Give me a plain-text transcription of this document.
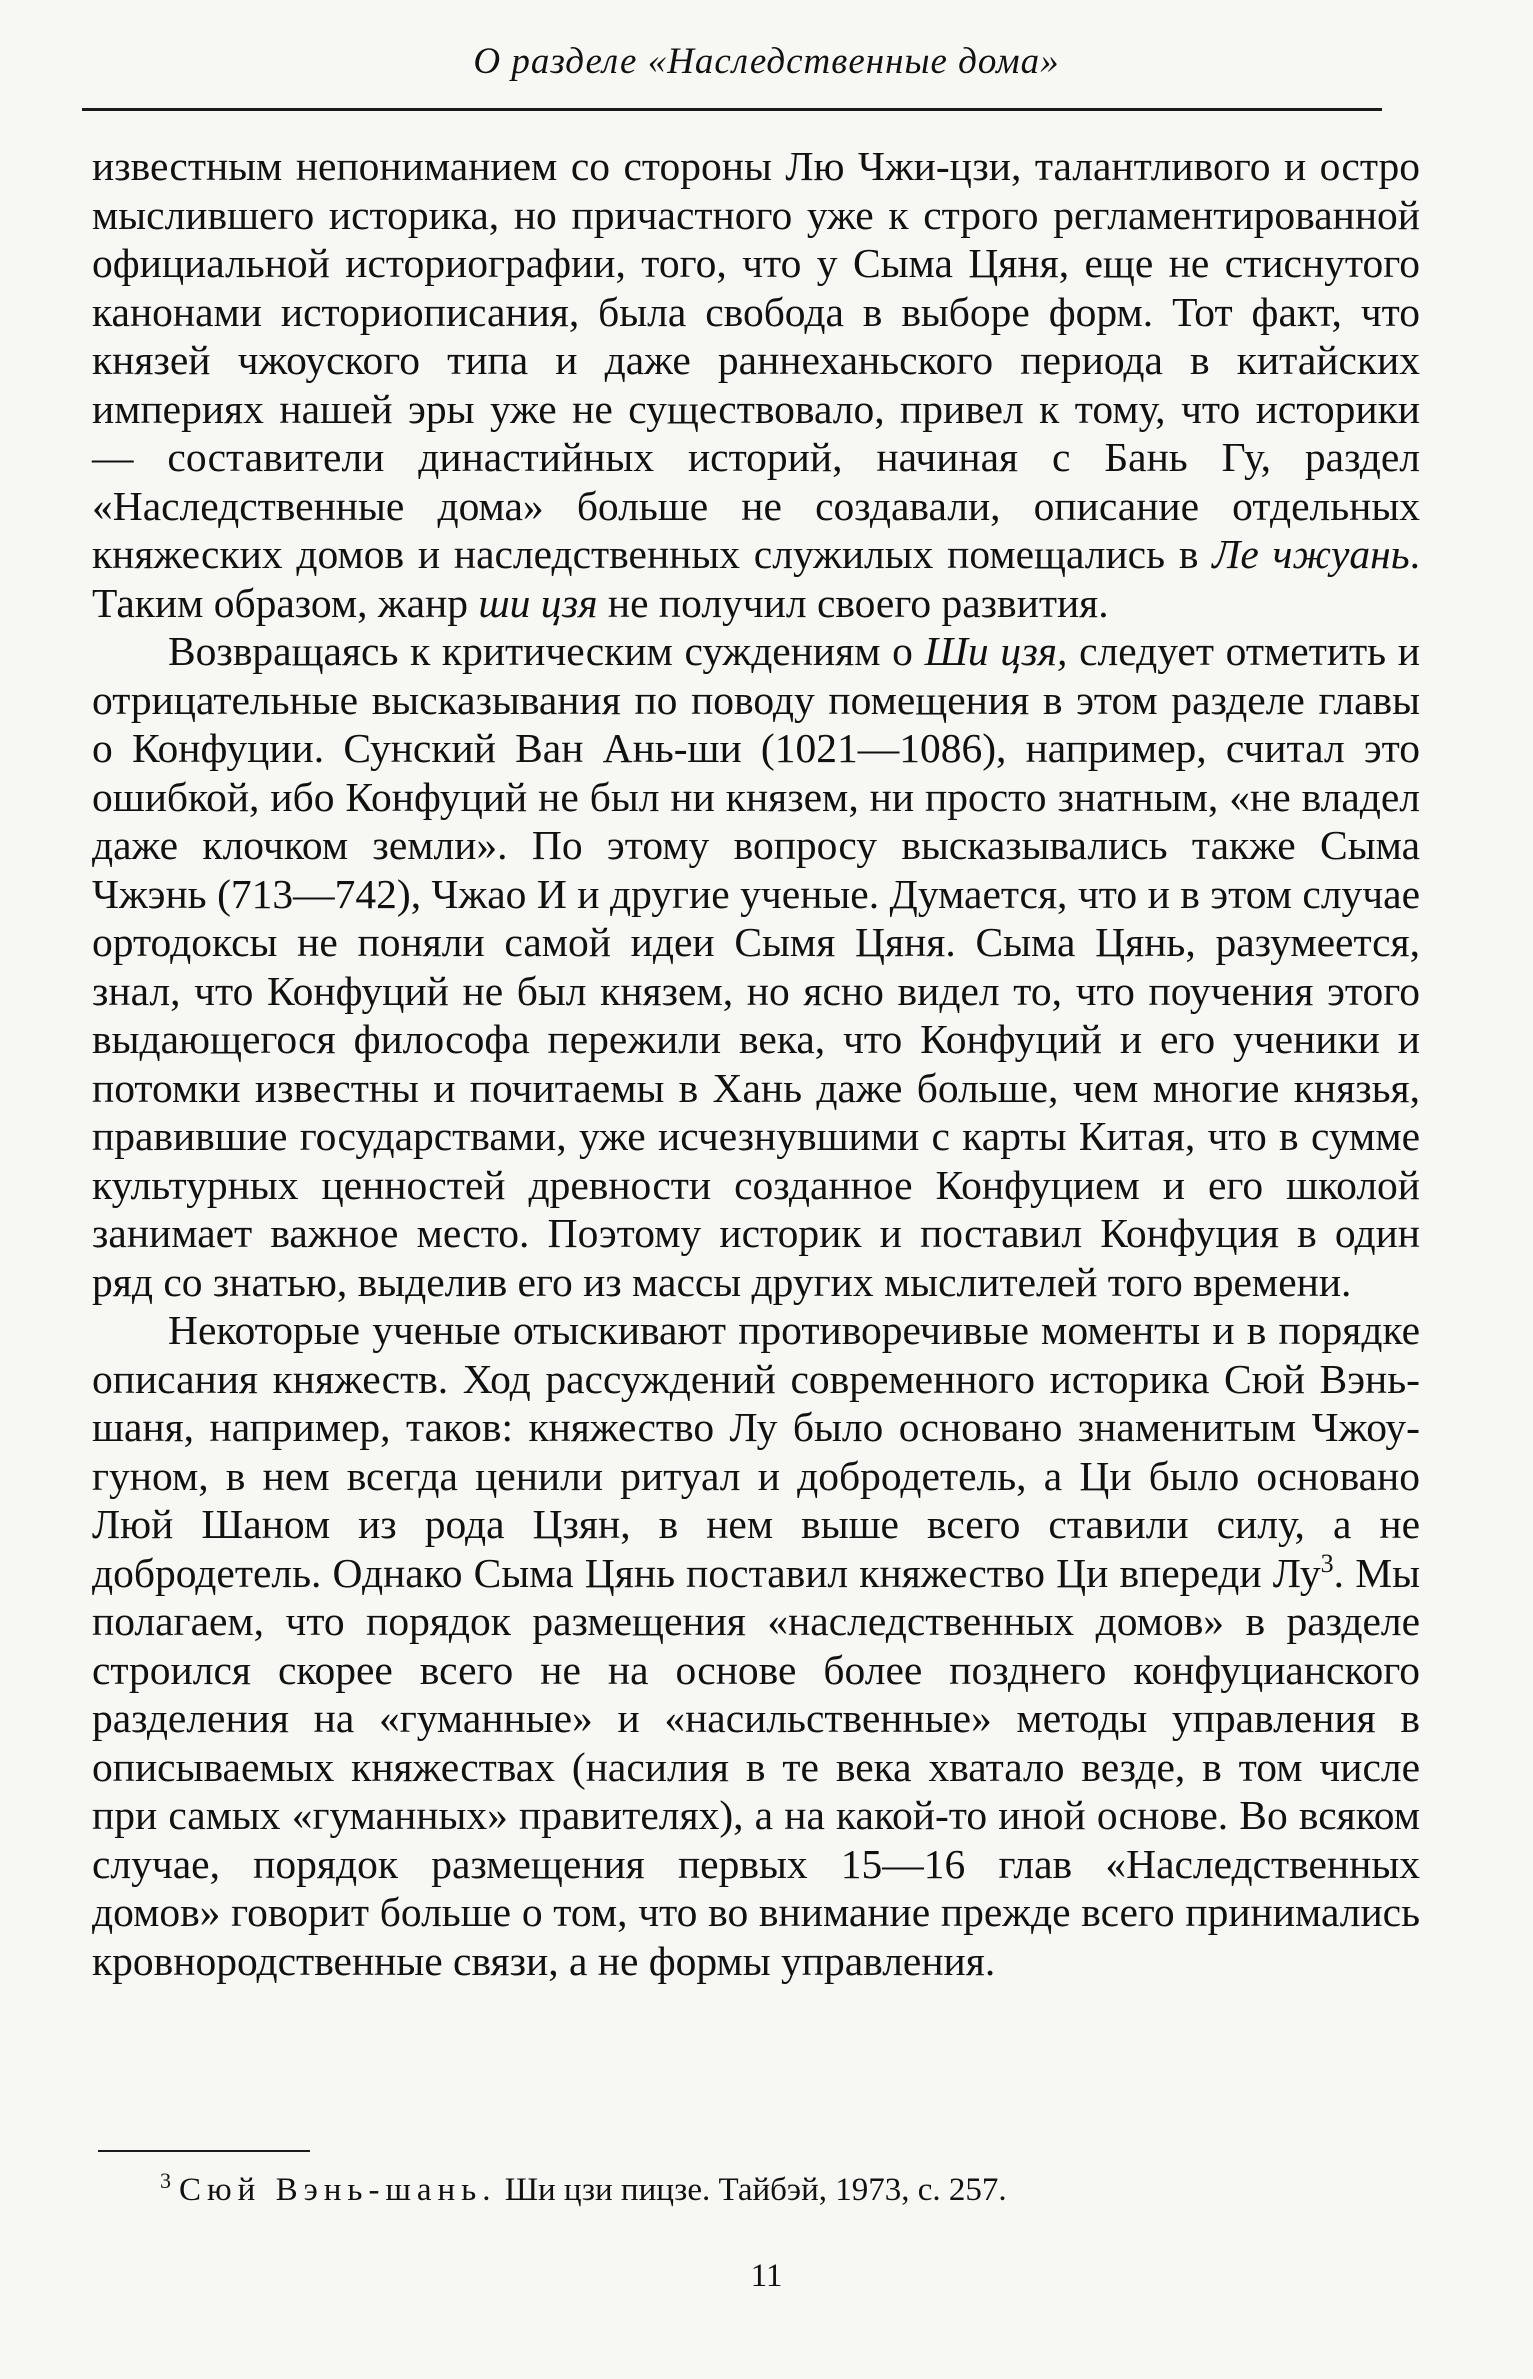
О разделе «Наследственные дома»

известным непониманием со стороны Лю Чжи-цзи, талантливого и остро мыслившего историка, но причастного уже к строго регламентированной официальной историографии, того, что у Сыма Цяня, еще не стиснутого канонами историописания, была свобода в выборе форм. Тот факт, что князей чжоуского типа и даже раннеханьского периода в китайских империях нашей эры уже не существовало, привел к тому, что историки — составители династийных историй, начиная с Бань Гу, раздел «Наследственные дома» больше не создавали, описание отдельных княжеских домов и наследственных служилых помещались в Ле чжуань. Таким образом, жанр ши цзя не получил своего развития.

Возвращаясь к критическим суждениям о Ши цзя, следует отметить и отрицательные высказывания по поводу помещения в этом разделе главы о Конфуции. Сунский Ван Ань-ши (1021—1086), например, считал это ошибкой, ибо Конфуций не был ни князем, ни просто знатным, «не владел даже клочком земли». По этому вопросу высказывались также Сыма Чжэнь (713—742), Чжао И и другие ученые. Думается, что и в этом случае ортодоксы не поняли самой идеи Сымя Цяня. Сыма Цянь, разумеется, знал, что Конфуций не был князем, но ясно видел то, что поучения этого выдающегося философа пережили века, что Конфуций и его ученики и потомки известны и почитаемы в Хань даже больше, чем многие князья, правившие государствами, уже исчезнувшими с карты Китая, что в сумме культурных ценностей древности созданное Конфуцием и его школой занимает важное место. Поэтому историк и поставил Конфуция в один ряд со знатью, выделив его из массы других мыслителей того времени.

Некоторые ученые отыскивают противоречивые моменты и в порядке описания княжеств. Ход рассуждений современного историка Сюй Вэнь-шаня, например, таков: княжество Лу было основано знаменитым Чжоу-гуном, в нем всегда ценили ритуал и добродетель, а Ци было основано Люй Шаном из рода Цзян, в нем выше всего ставили силу, а не добродетель. Однако Сыма Цянь поставил княжество Ци впереди $Лу^3$. Мы полагаем, что порядок размещения «наследственных домов» в разделе строился скорее всего не на основе более позднего конфуцианского разделения на «гуманные» и «насильственные» методы управления в описываемых княжествах (насилия в те века хватало везде, в том числе при самых «гуманных» правителях), а на какой-то иной основе. Во всяком случае, порядок размещения первых 15—16 глав «Наследственных домов» говорит больше о том, что во внимание прежде всего принимались кровнородственные связи, а не формы управления.

$^3$ Сюй Вэнь-шань. Ши цзи пицзе. Тайбэй, 1973, с. 257.
11
